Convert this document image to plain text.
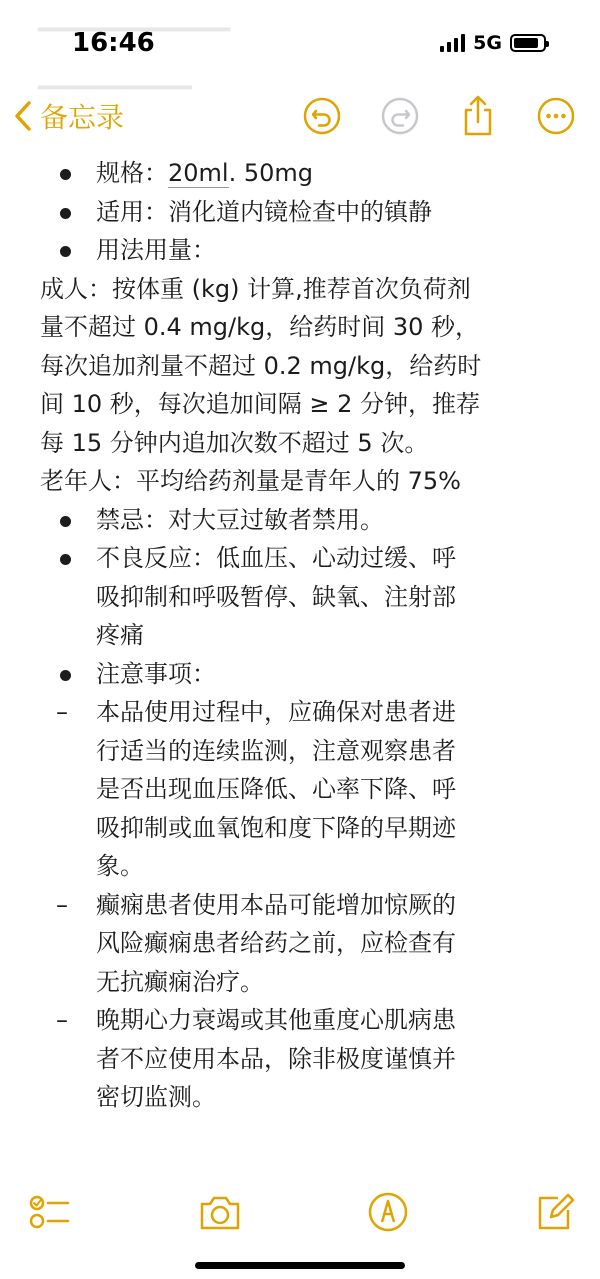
16:46	5G
▁▁▁▁▁▁▁▁▁▁
▁▁▁▁▁▁▁▁
备忘录
规格：20ml. 50mg
适用：消化道内镜检查中的镇静
用法用量：
成人：按体重 (kg) 计算,推荐首次负荷剂
量不超过 0.4 mg/kg，给药时间 30 秒，
每次追加剂量不超过 0.2 mg/kg，给药时
间 10 秒，每次追加间隔 ≥ 2 分钟，推荐
每 15 分钟内追加次数不超过 5 次。
老年人：平均给药剂量是青年人的 75%
禁忌：对大豆过敏者禁用。
不良反应：低血压、心动过缓、呼
吸抑制和呼吸暂停、缺氧、注射部
疼痛
注意事项：
– 本品使用过程中，应确保对患者进
行适当的连续监测，注意观察患者
是否出现血压降低、心率下降、呼
吸抑制或血氧饱和度下降的早期迹
象。
– 癫痫患者使用本品可能增加惊厥的
风险癫痫患者给药之前，应检查有
无抗癫痫治疗。
– 晚期心力衰竭或其他重度心肌病患
者不应使用本品，除非极度谨慎并
密切监测。
